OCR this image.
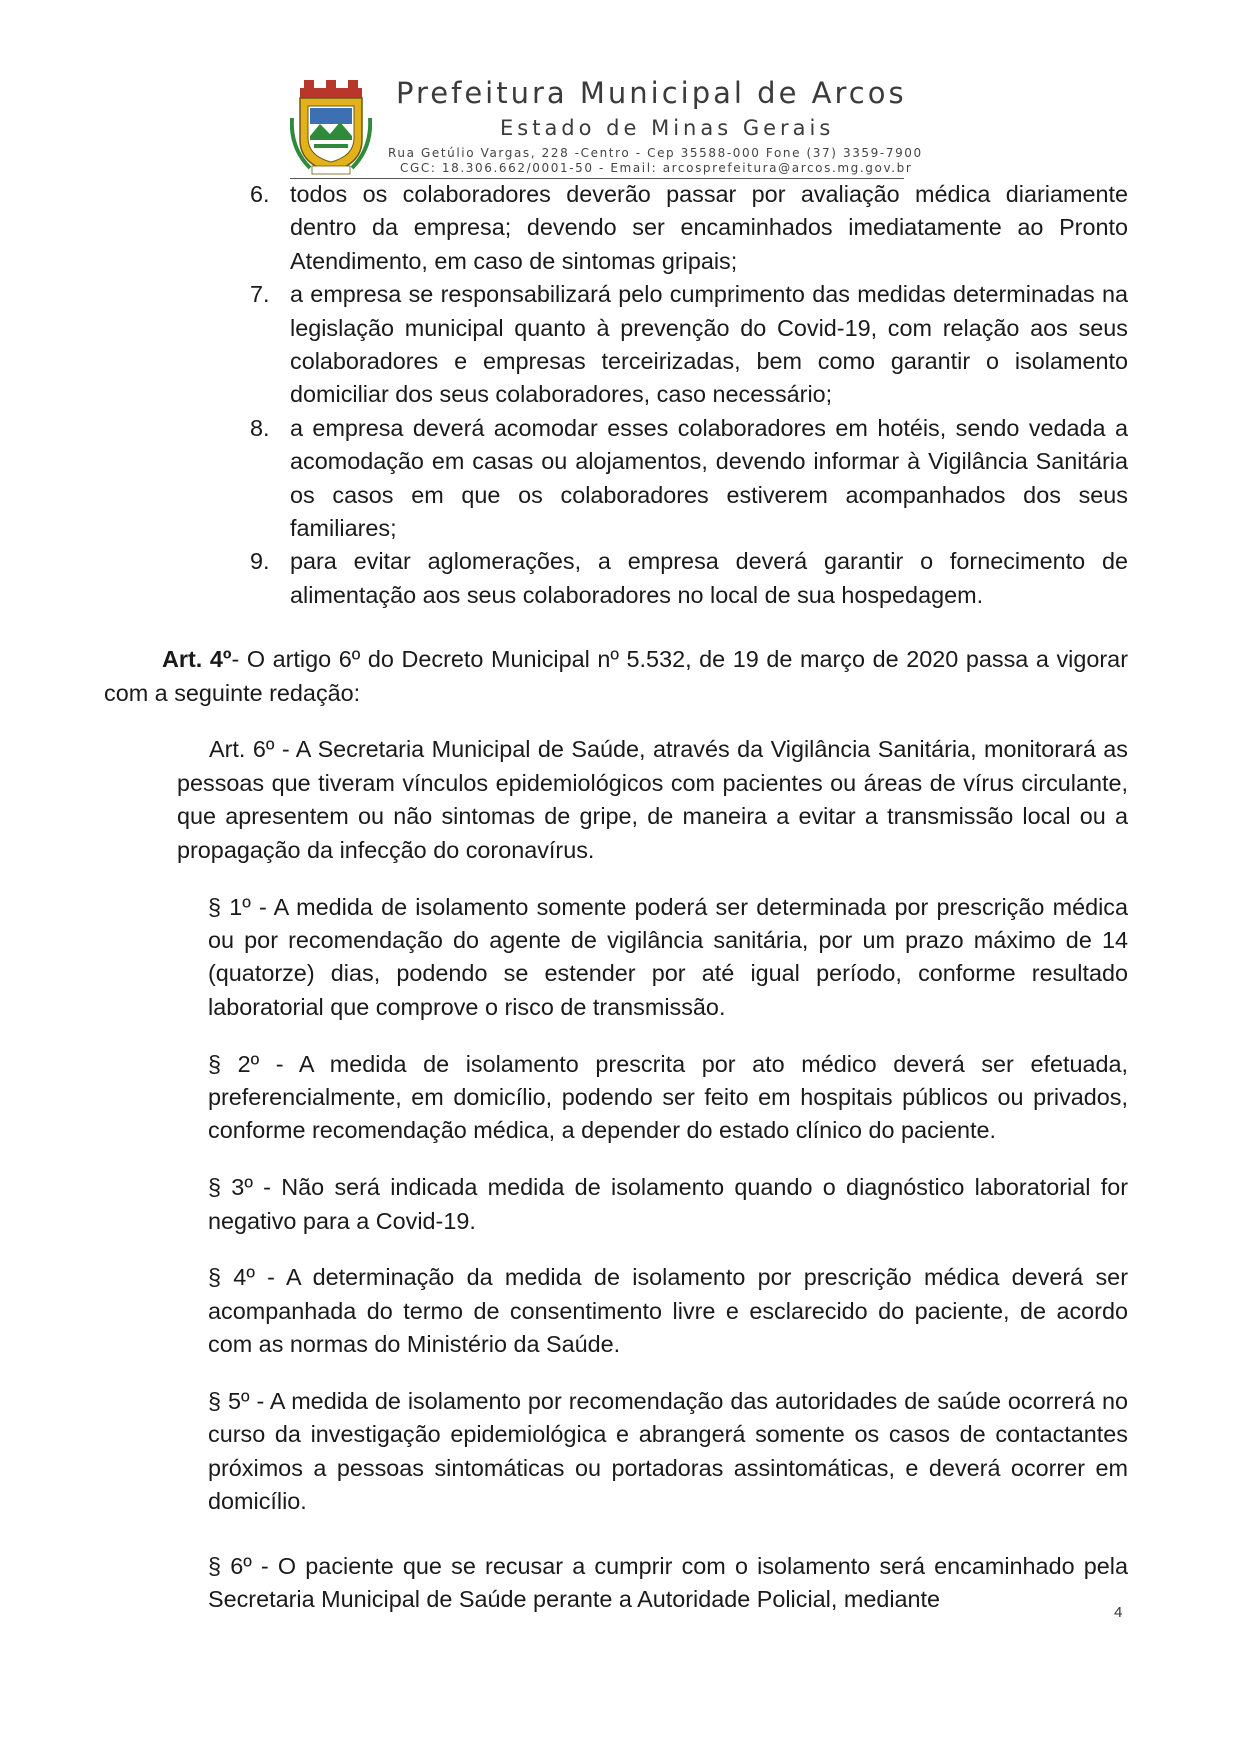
Prefeitura Municipal de Arcos
Estado de Minas Gerais
Rua Getúlio Vargas, 228 -Centro - Cep 35588-000 Fone (37) 3359-7900
CGC: 18.306.662/0001-50 - Email: arcosprefeitura@arcos.mg.gov.br
6. todos os colaboradores deverão passar por avaliação médica diariamente dentro da empresa; devendo ser encaminhados imediatamente ao Pronto Atendimento, em caso de sintomas gripais;
7. a empresa se responsabilizará pelo cumprimento das medidas determinadas na legislação municipal quanto à prevenção do Covid-19, com relação aos seus colaboradores e empresas terceirizadas, bem como garantir o isolamento domiciliar dos seus colaboradores, caso necessário;
8. a empresa deverá acomodar esses colaboradores em hotéis, sendo vedada a acomodação em casas ou alojamentos, devendo informar à Vigilância Sanitária os casos em que os colaboradores estiverem acompanhados dos seus familiares;
9. para evitar aglomerações, a empresa deverá garantir o fornecimento de alimentação aos seus colaboradores no local de sua hospedagem.

Art. 4º- O artigo 6º do Decreto Municipal nº 5.532, de 19 de março de 2020 passa a vigorar com a seguinte redação:

Art. 6º - A Secretaria Municipal de Saúde, através da Vigilância Sanitária, monitorará as pessoas que tiveram vínculos epidemiológicos com pacientes ou áreas de vírus circulante, que apresentem ou não sintomas de gripe, de maneira a evitar a transmissão local ou a propagação da infecção do coronavírus.

§ 1º - A medida de isolamento somente poderá ser determinada por prescrição médica ou por recomendação do agente de vigilância sanitária, por um prazo máximo de 14 (quatorze) dias, podendo se estender por até igual período, conforme resultado laboratorial que comprove o risco de transmissão.

§ 2º - A medida de isolamento prescrita por ato médico deverá ser efetuada, preferencialmente, em domicílio, podendo ser feito em hospitais públicos ou privados, conforme recomendação médica, a depender do estado clínico do paciente.

§ 3º - Não será indicada medida de isolamento quando o diagnóstico laboratorial for negativo para a Covid-19.

§ 4º - A determinação da medida de isolamento por prescrição médica deverá ser acompanhada do termo de consentimento livre e esclarecido do paciente, de acordo com as normas do Ministério da Saúde.

§ 5º - A medida de isolamento por recomendação das autoridades de saúde ocorrerá no curso da investigação epidemiológica e abrangerá somente os casos de contactantes próximos a pessoas sintomáticas ou portadoras assintomáticas, e deverá ocorrer em domicílio.

§ 6º - O paciente que se recusar a cumprir com o isolamento será encaminhado pela Secretaria Municipal de Saúde perante a Autoridade Policial, mediante

4
